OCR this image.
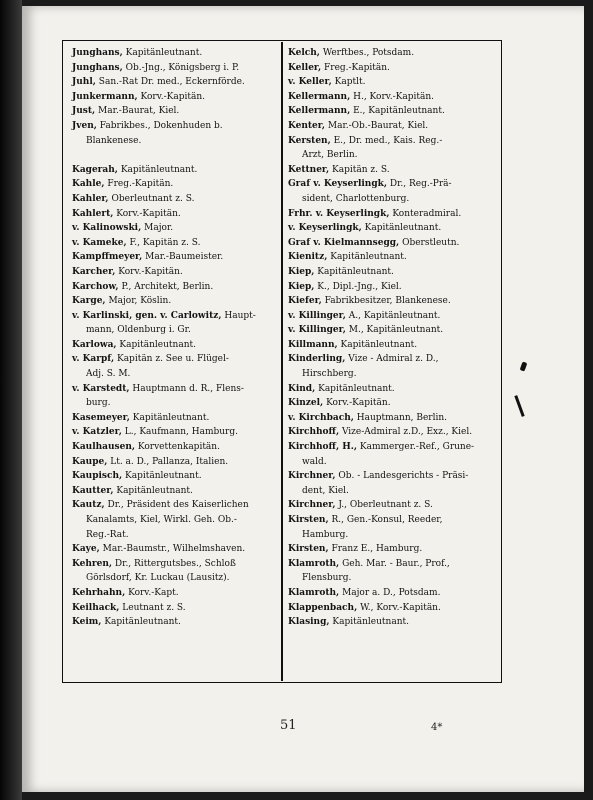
Junghans, Kapitänleutnant.
Junghans, Ob.-Jng., Königsberg i. P.
Juhl, San.-Rat Dr. med., Eckernförde.
Junkermann, Korv.-Kapitän.
Just, Mar.-Baurat, Kiel.
Jven, Fabrikbes., Dokenhuden b.
Blankenese.
Kagerah, Kapitänleutnant.
Kahle, Freg.-Kapitän.
Kahler, Oberleutnant z. S.
Kahlert, Korv.-Kapitän.
v. Kalinowski, Major.
v. Kameke, F., Kapitän z. S.
Kampffmeyer, Mar.-Baumeister.
Karcher, Korv.-Kapitän.
Karchow, P., Architekt, Berlin.
Karge, Major, Köslin.
v. Karlinski, gen. v. Carlowitz, Haupt-
mann, Oldenburg i. Gr.
Karlowa, Kapitänleutnant.
v. Karpf, Kapitän z. See u. Flügel-
Adj. S. M.
v. Karstedt, Hauptmann d. R., Flens-
burg.
Kasemeyer, Kapitänleutnant.
v. Katzler, L., Kaufmann, Hamburg.
Kaulhausen, Korvettenkapitän.
Kaupe, Lt. a. D., Pallanza, Italien.
Kaupisch, Kapitänleutnant.
Kautter, Kapitänleutnant.
Kautz, Dr., Präsident des Kaiserlichen
Kanalamts, Kiel, Wirkl. Geh. Ob.-
Reg.-Rat.
Kaye, Mar.-Baumstr., Wilhelmshaven.
Kehren, Dr., Rittergutsbes., Schloß
Görlsdorf, Kr. Luckau (Lausitz).
Kehrhahn, Korv.-Kapt.
Keilhack, Leutnant z. S.
Keim, Kapitänleutnant.
Kelch, Werftbes., Potsdam.
Keller, Freg.-Kapitän.
v. Keller, Kaptlt.
Kellermann, H., Korv.-Kapitän.
Kellermann, E., Kapitänleutnant.
Kenter, Mar.-Ob.-Baurat, Kiel.
Kersten, E., Dr. med., Kais. Reg.-
Arzt, Berlin.
Kettner, Kapitän z. S.
Graf v. Keyserlingk, Dr., Reg.-Prä-
sident, Charlottenburg.
Frhr. v. Keyserlingk, Konteradmiral.
v. Keyserlingk, Kapitänleutnant.
Graf v. Kielmannsegg, Oberstleutn.
Kienitz, Kapitänleutnant.
Kiep, Kapitänleutnant.
Kiep, K., Dipl.-Jng., Kiel.
Kiefer, Fabrikbesitzer, Blankenese.
v. Killinger, A., Kapitänleutnant.
v. Killinger, M., Kapitänleutnant.
Killmann, Kapitänleutnant.
Kinderling, Vize - Admiral z. D.,
Hirschberg.
Kind, Kapitänleutnant.
Kinzel, Korv.-Kapitän.
v. Kirchbach, Hauptmann, Berlin.
Kirchhoff, Vize-Admiral z.D., Exz., Kiel.
Kirchhoff, H., Kammerger.-Ref., Grune-
wald.
Kirchner, Ob. - Landesgerichts - Präsi-
dent, Kiel.
Kirchner, J., Oberleutnant z. S.
Kirsten, R., Gen.-Konsul, Reeder,
Hamburg.
Kirsten, Franz E., Hamburg.
Klamroth, Geh. Mar. - Baur., Prof.,
Flensburg.
Klamroth, Major a. D., Potsdam.
Klappenbach, W., Korv.-Kapitän.
Klasing, Kapitänleutnant.
51	4*
